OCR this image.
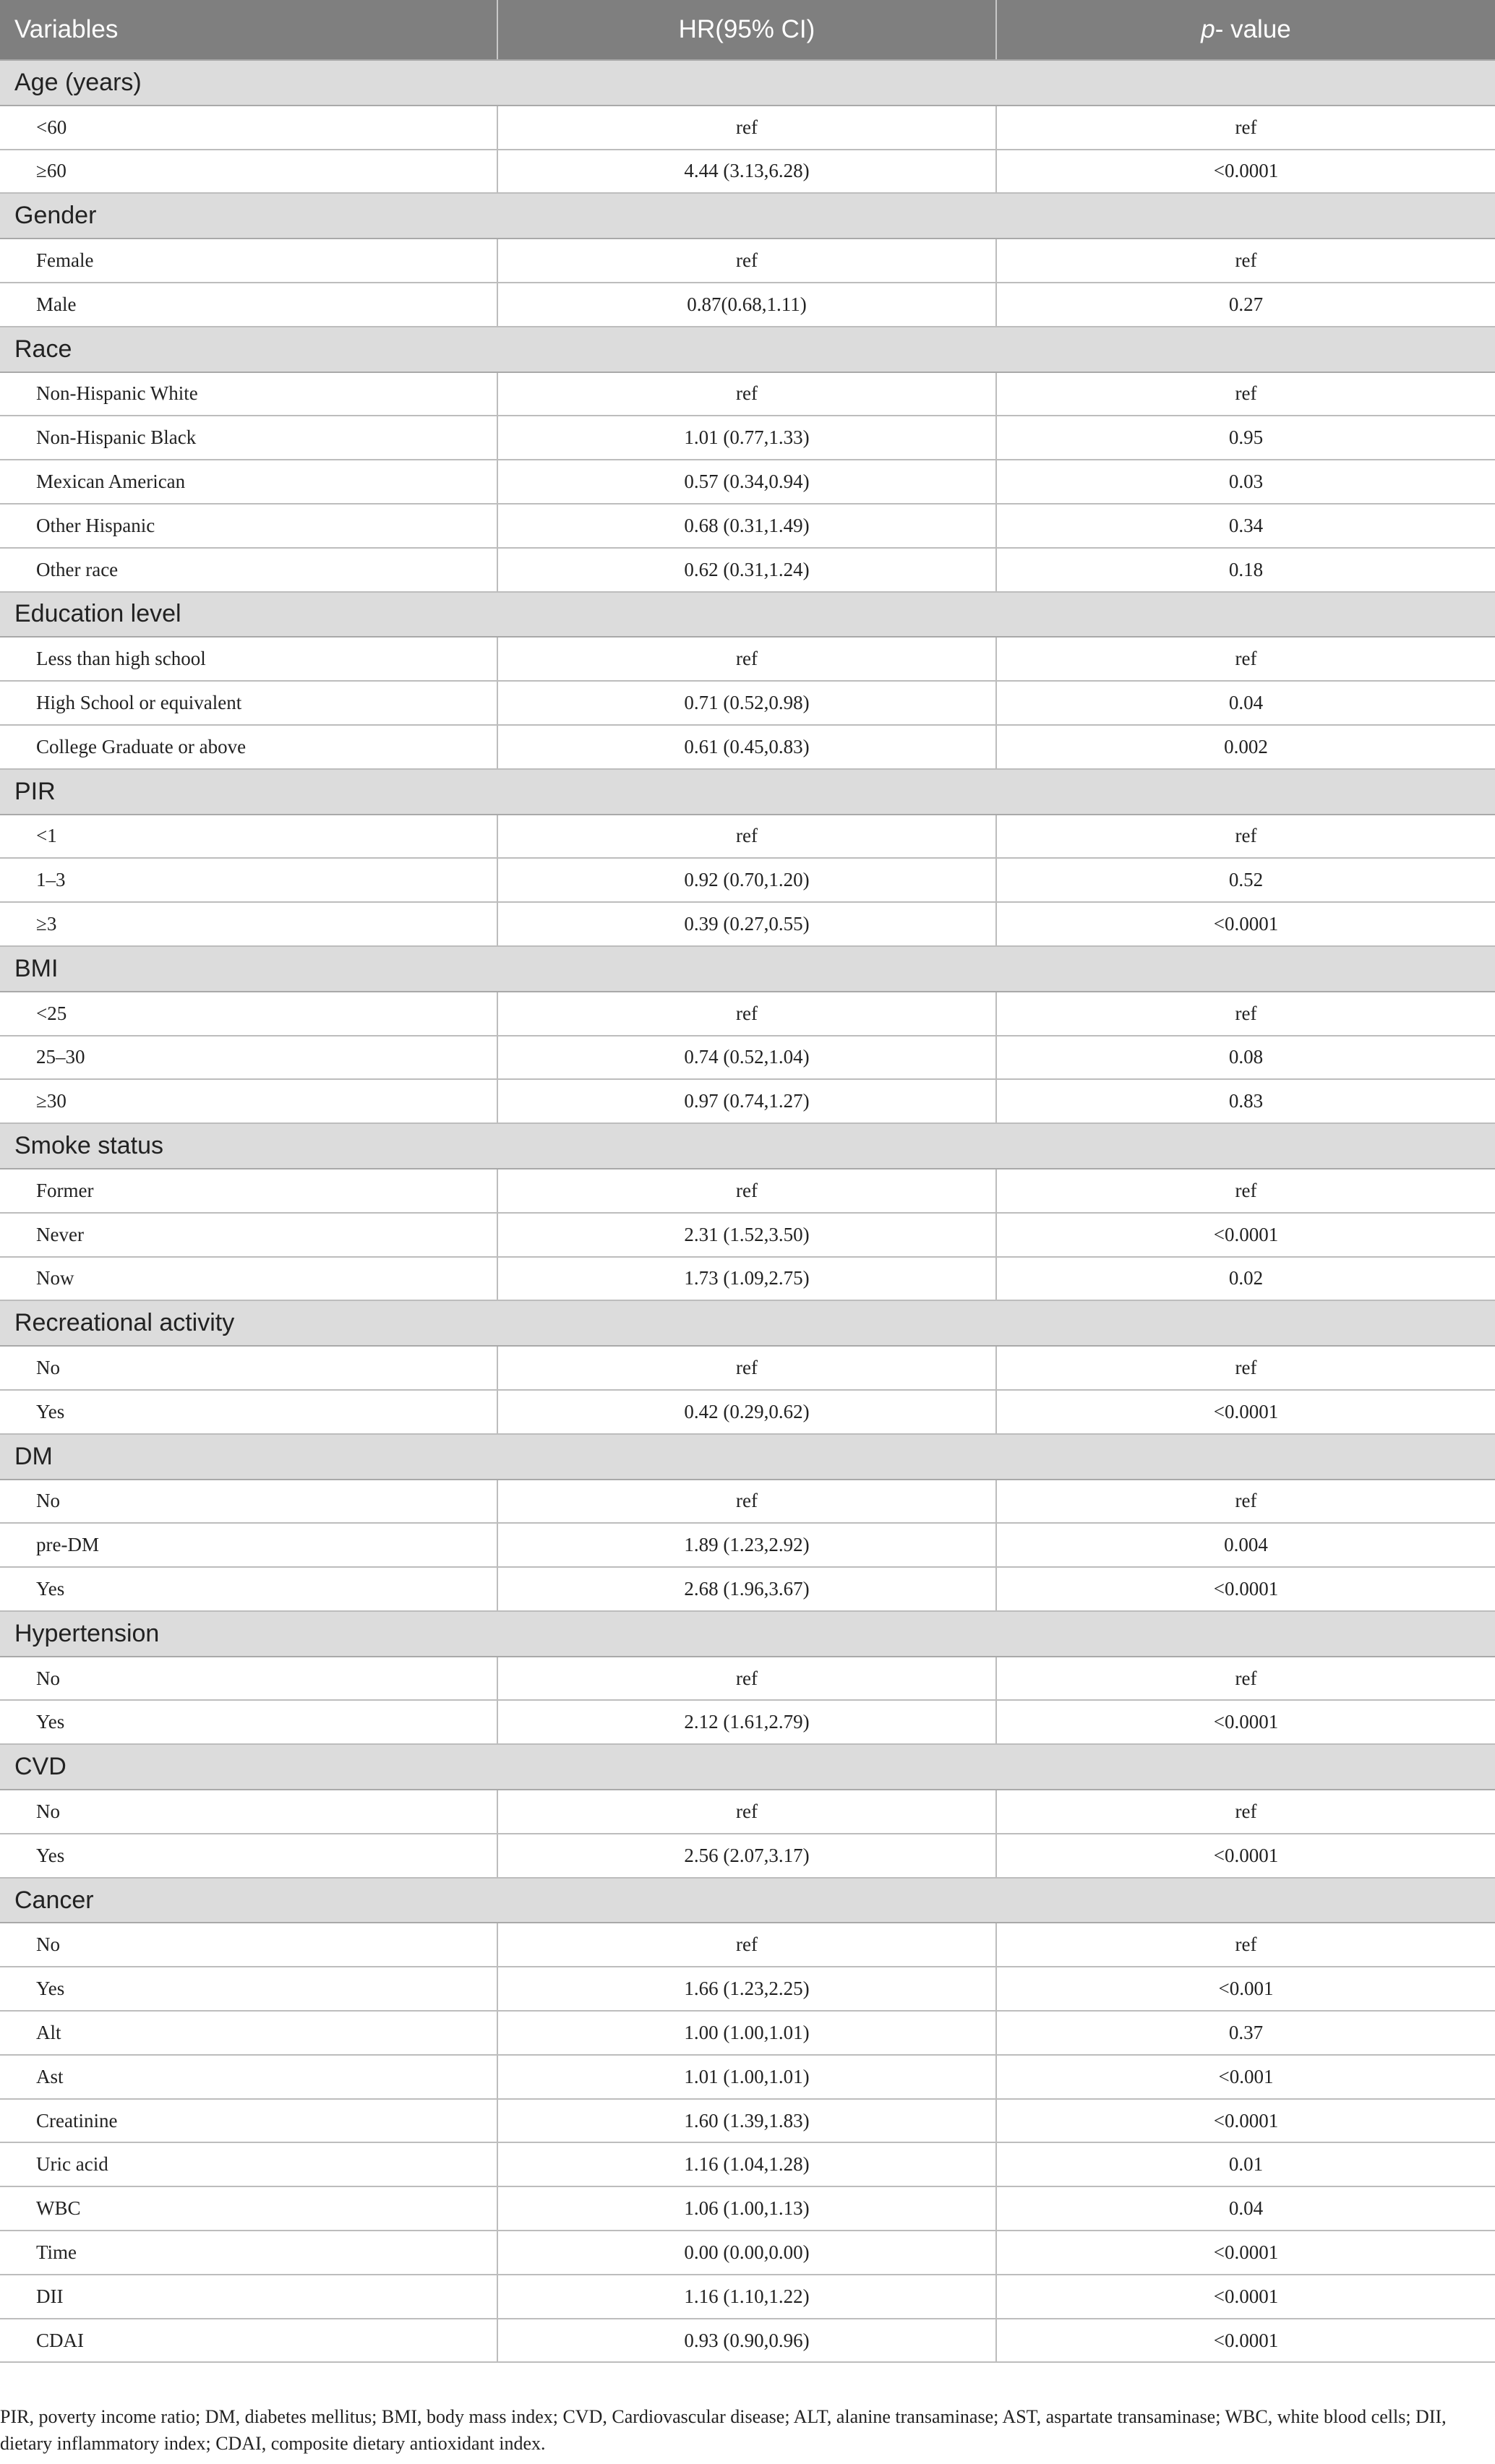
Variables	HR(95% CI)	p- value
Age (years)		
<60	ref	ref
≥60	4.44 (3.13,6.28)	<0.0001
Gender		
Female	ref	ref
Male	0.87(0.68,1.11)	0.27
Race		
Non-Hispanic White	ref	ref
Non-Hispanic Black	1.01 (0.77,1.33)	0.95
Mexican American	0.57 (0.34,0.94)	0.03
Other Hispanic	0.68 (0.31,1.49)	0.34
Other race	0.62 (0.31,1.24)	0.18
Education level		
Less than high school	ref	ref
High School or equivalent	0.71 (0.52,0.98)	0.04
College Graduate or above	0.61 (0.45,0.83)	0.002
PIR		
<1	ref	ref
1–3	0.92 (0.70,1.20)	0.52
≥3	0.39 (0.27,0.55)	<0.0001
BMI		
<25	ref	ref
25–30	0.74 (0.52,1.04)	0.08
≥30	0.97 (0.74,1.27)	0.83
Smoke status		
Former	ref	ref
Never	2.31 (1.52,3.50)	<0.0001
Now	1.73 (1.09,2.75)	0.02
Recreational activity		
No	ref	ref
Yes	0.42 (0.29,0.62)	<0.0001
DM		
No	ref	ref
pre-DM	1.89 (1.23,2.92)	0.004
Yes	2.68 (1.96,3.67)	<0.0001
Hypertension		
No	ref	ref
Yes	2.12 (1.61,2.79)	<0.0001
CVD		
No	ref	ref
Yes	2.56 (2.07,3.17)	<0.0001
Cancer		
No	ref	ref
Yes	1.66 (1.23,2.25)	<0.001
Alt	1.00 (1.00,1.01)	0.37
Ast	1.01 (1.00,1.01)	<0.001
Creatinine	1.60 (1.39,1.83)	<0.0001
Uric acid	1.16 (1.04,1.28)	0.01
WBC	1.06 (1.00,1.13)	0.04
Time	0.00 (0.00,0.00)	<0.0001
DII	1.16 (1.10,1.22)	<0.0001
CDAI	0.93 (0.90,0.96)	<0.0001
PIR, poverty income ratio; DM, diabetes mellitus; BMI, body mass index; CVD, Cardiovascular disease; ALT, alanine transaminase; AST, aspartate transaminase; WBC, white blood cells; DII, dietary inflammatory index; CDAI, composite dietary antioxidant index.
